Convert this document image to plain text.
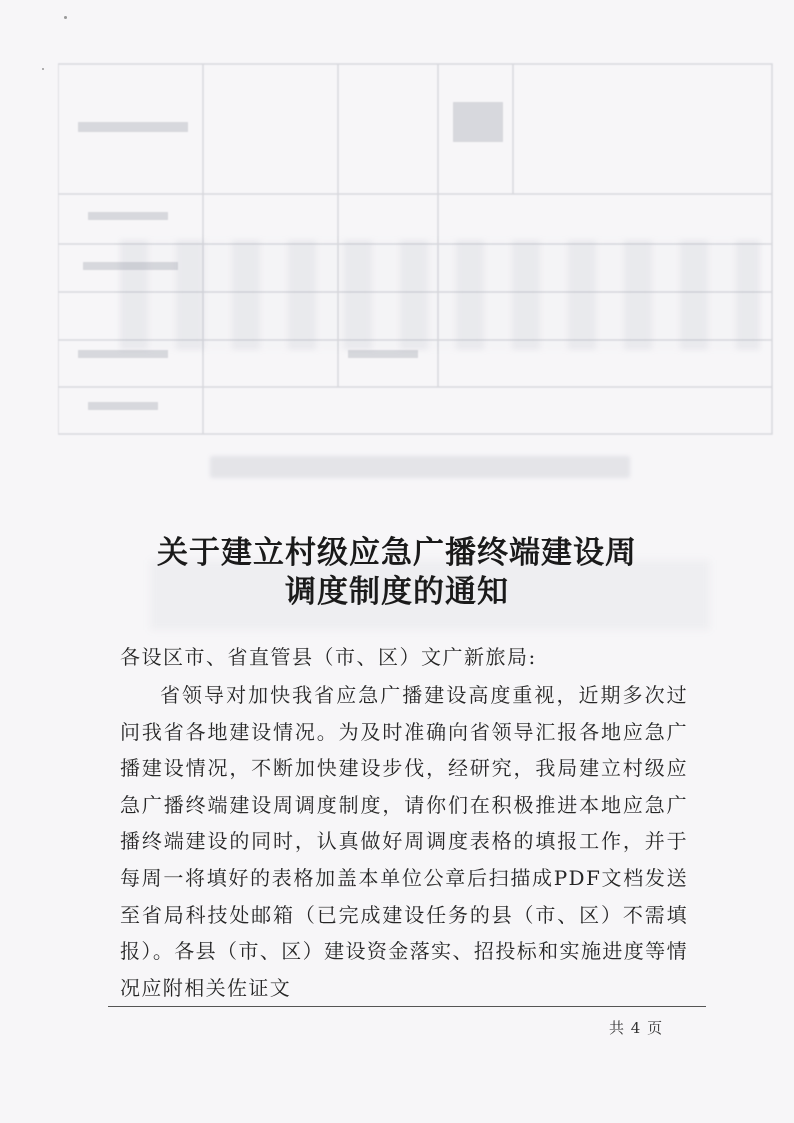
关于建立村级应急广播终端建设周
调度制度的通知
各设区市、省直管县（市、区）文广新旅局:
省领导对加快我省应急广播建设高度重视，近期多次过问我省各地建设情况。为及时准确向省领导汇报各地应急广播建设情况，不断加快建设步伐，经研究，我局建立村级应急广播终端建设周调度制度，请你们在积极推进本地应急广播终端建设的同时，认真做好周调度表格的填报工作，并于每周一将填好的表格加盖本单位公章后扫描成PDF文档发送至省局科技处邮箱（已完成建设任务的县（市、区）不需填报）。各县（市、区）建设资金落实、招投标和实施进度等情况应附相关佐证文
共 4 页
